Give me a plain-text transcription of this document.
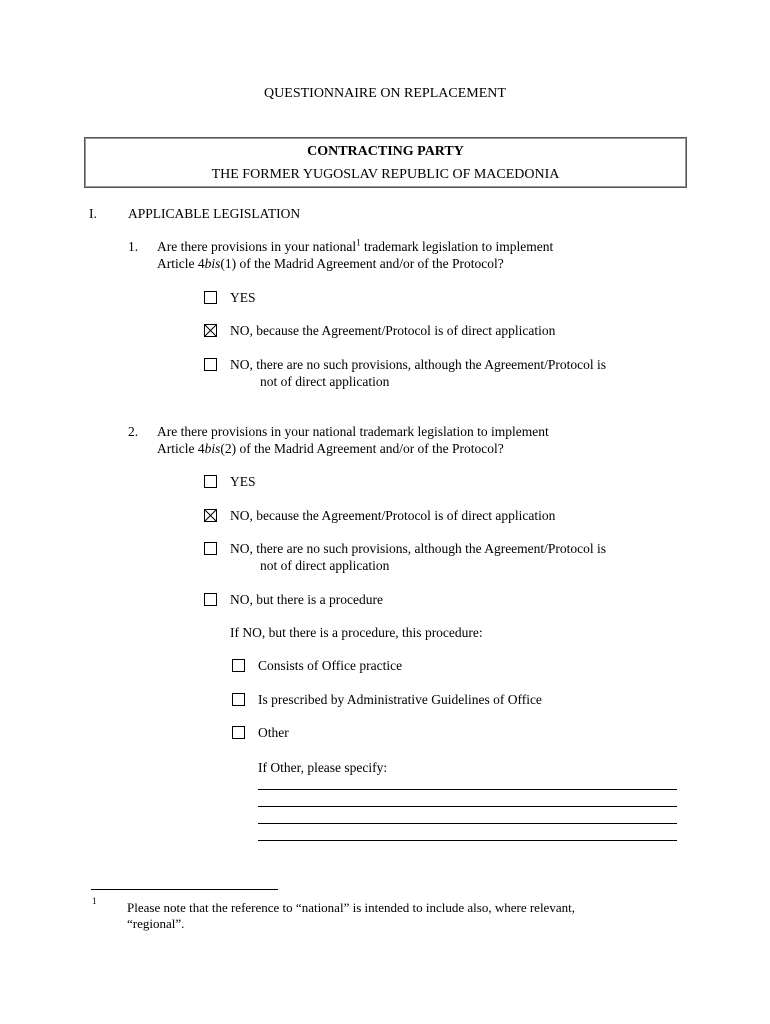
QUESTIONNAIRE ON REPLACEMENT
CONTRACTING PARTY
THE FORMER YUGOSLAV REPUBLIC OF MACEDONIA
I. APPLICABLE LEGISLATION
1. Are there provisions in your national$^1$ trademark legislation to implement
Article 4bis(1) of the Madrid Agreement and/or of the Protocol?
YES
NO, because the Agreement/Protocol is of direct application
NO, there are no such provisions, although the Agreement/Protocol is
not of direct application
2. Are there provisions in your national trademark legislation to implement
Article 4bis(2) of the Madrid Agreement and/or of the Protocol?
YES
NO, because the Agreement/Protocol is of direct application
NO, there are no such provisions, although the Agreement/Protocol is
not of direct application
NO, but there is a procedure
If NO, but there is a procedure, this procedure:
Consists of Office practice
Is prescribed by Administrative Guidelines of Office
Other
If Other, please specify:
1 Please note that the reference to “national” is intended to include also, where relevant,
“regional”.
